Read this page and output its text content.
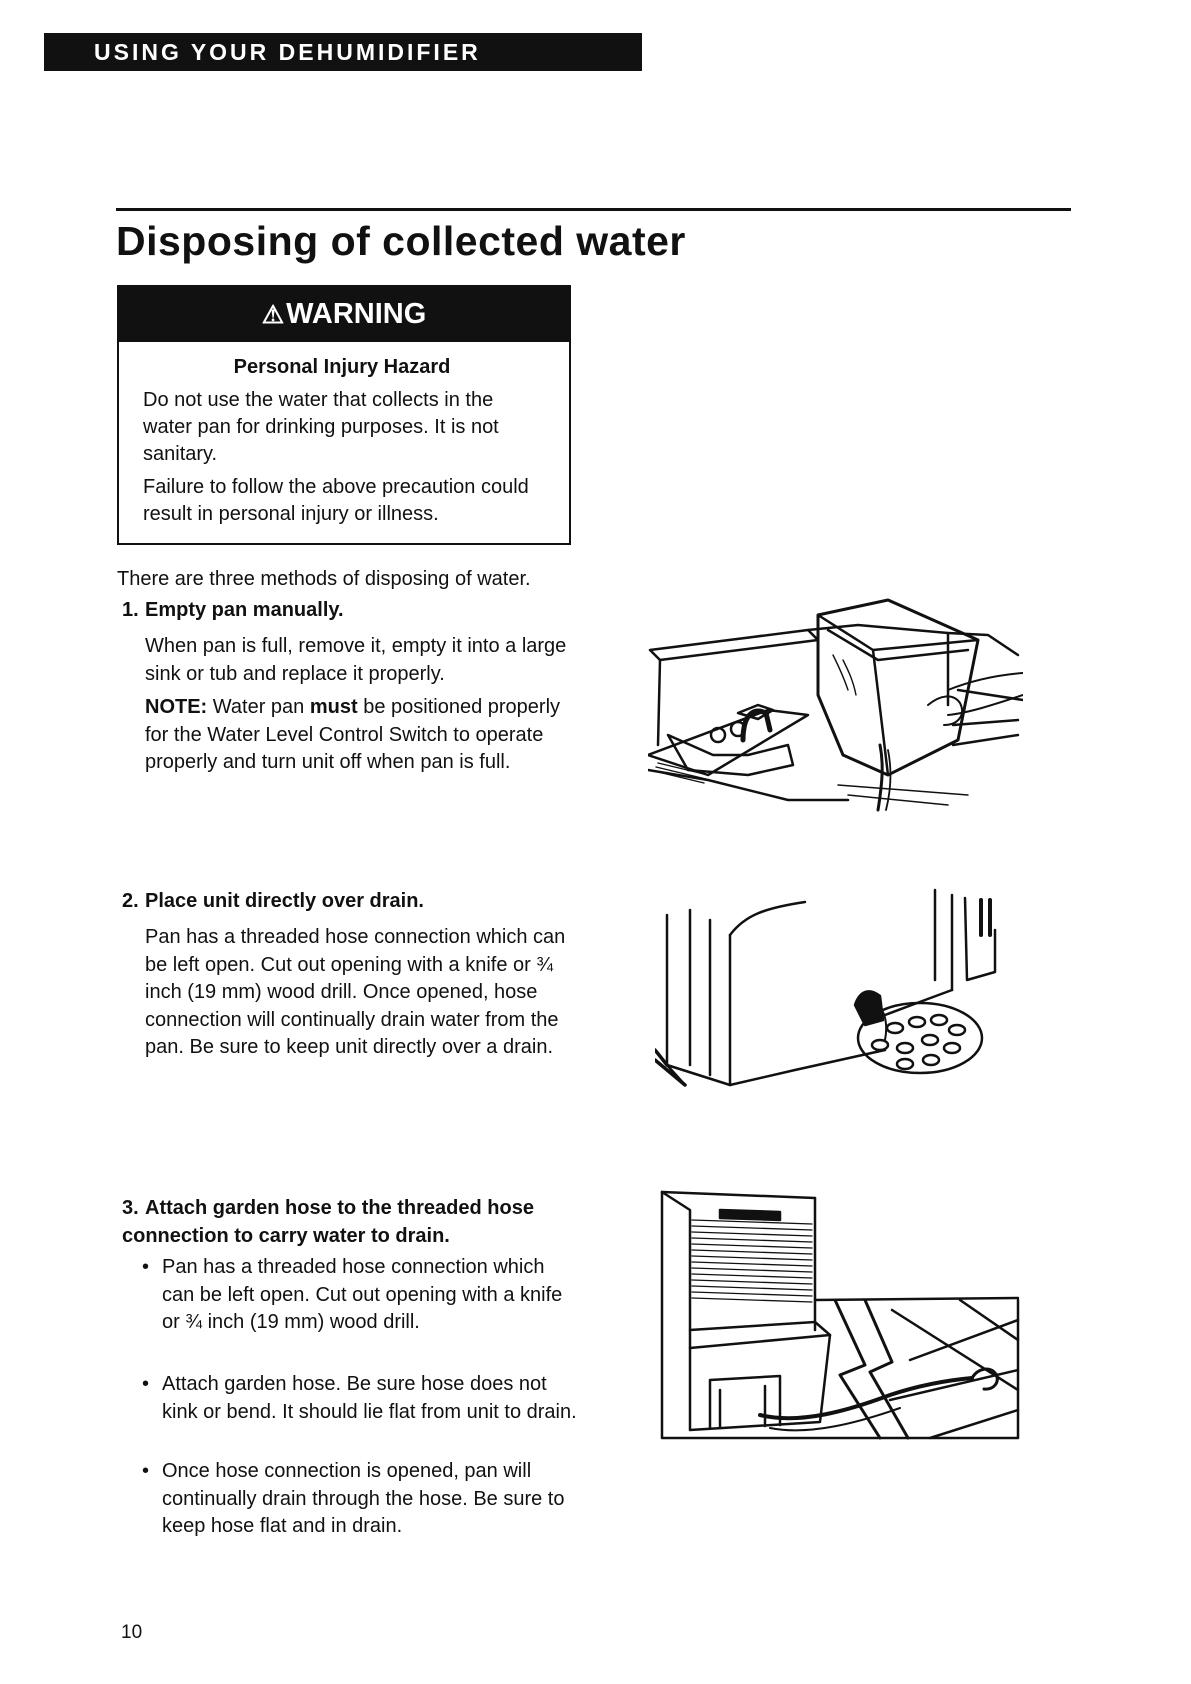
USING YOUR DEHUMIDIFIER
Disposing of collected water
⚠WARNING
Personal Injury Hazard

Do not use the water that collects in the water pan for drinking purposes. It is not sanitary.

Failure to follow the above precaution could result in personal injury or illness.

There are three methods of disposing of water.

1. Empty pan manually.

When pan is full, remove it, empty it into a large sink or tub and replace it properly.

NOTE: Water pan must be positioned properly for the Water Level Control Switch to operate properly and turn unit off when pan is full.

2. Place unit directly over drain.

Pan has a threaded hose connection which can be left open. Cut out opening with a knife or ¾ inch (19 mm) wood drill. Once opened, hose connection will continually drain water from the pan. Be sure to keep unit directly over a drain.

3. Attach garden hose to the threaded hose connection to carry water to drain.

• Pan has a threaded hose connection which can be left open. Cut out opening with a knife or ¾ inch (19 mm) wood drill.

• Attach garden hose. Be sure hose does not kink or bend. It should lie flat from unit to drain.

• Once hose connection is opened, pan will continually drain through the hose. Be sure to keep hose flat and in drain.

10
